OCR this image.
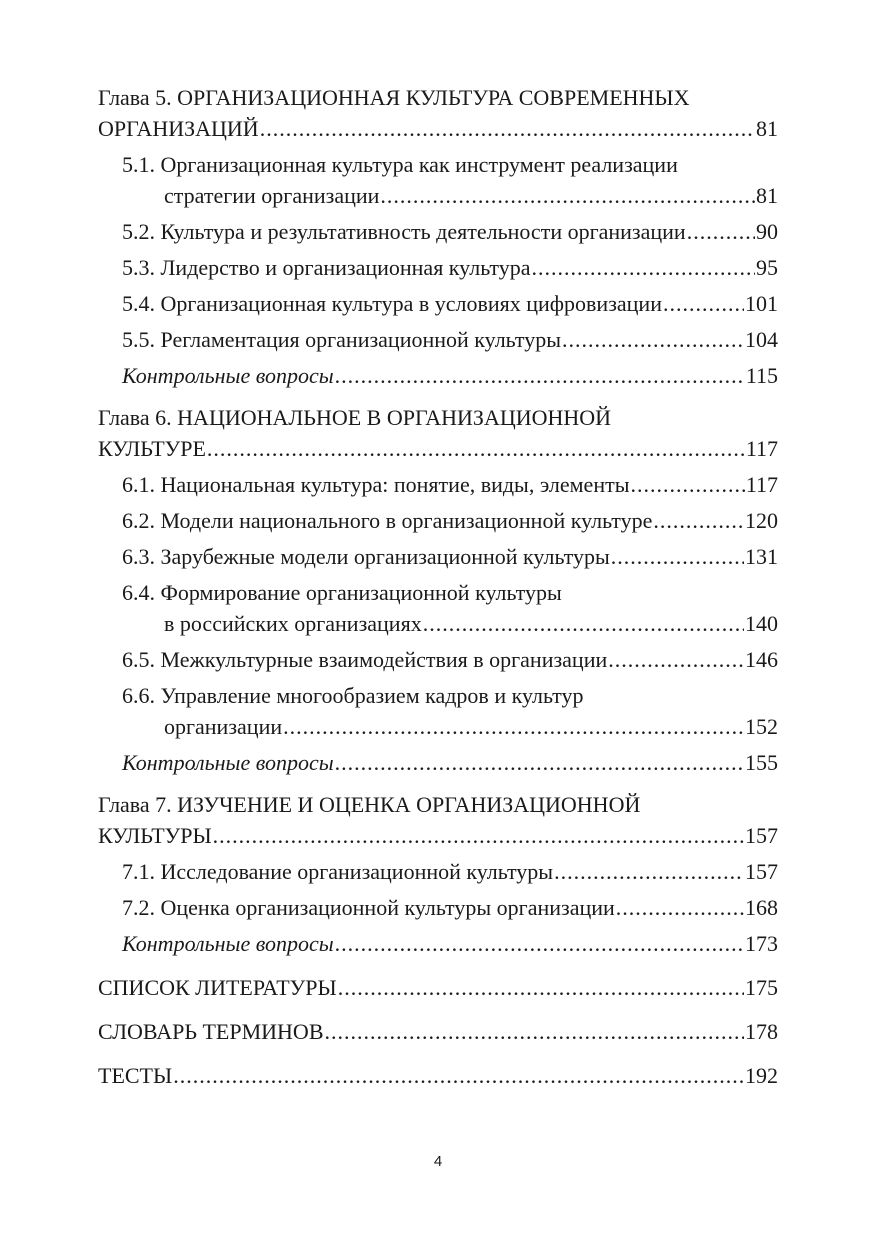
Глава 5. ОРГАНИЗАЦИОННАЯ КУЛЬТУРА СОВРЕМЕННЫХ
ОРГАНИЗАЦИЙ .....	81
5.1. Организационная культура как инструмент реализации
стратегии организации .....	81
5.2. Культура и результативность деятельности организации .....	90
5.3. Лидерство и организационная культура .....	95
5.4. Организационная культура в условиях цифровизации .....	101
5.5. Регламентация организационной культуры .....	104
Контрольные вопросы .....	115
Глава 6. НАЦИОНАЛЬНОЕ В ОРГАНИЗАЦИОННОЙ
КУЛЬТУРЕ .....	117
6.1. Национальная культура: понятие, виды, элементы .....	117
6.2. Модели национального в организационной культуре .....	120
6.3. Зарубежные модели организационной культуры .....	131
6.4. Формирование организационной культуры
в российских организациях .....	140
6.5. Межкультурные взаимодействия в организации .....	146
6.6. Управление многообразием кадров и культур
организации .....	152
Контрольные вопросы .....	155
Глава 7. ИЗУЧЕНИЕ И ОЦЕНКА ОРГАНИЗАЦИОННОЙ
КУЛЬТУРЫ .....	157
7.1. Исследование организационной культуры .....	157
7.2. Оценка организационной культуры организации .....	168
Контрольные вопросы .....	173
СПИСОК ЛИТЕРАТУРЫ .....	175
СЛОВАРЬ ТЕРМИНОВ .....	178
ТЕСТЫ .....	192
4
